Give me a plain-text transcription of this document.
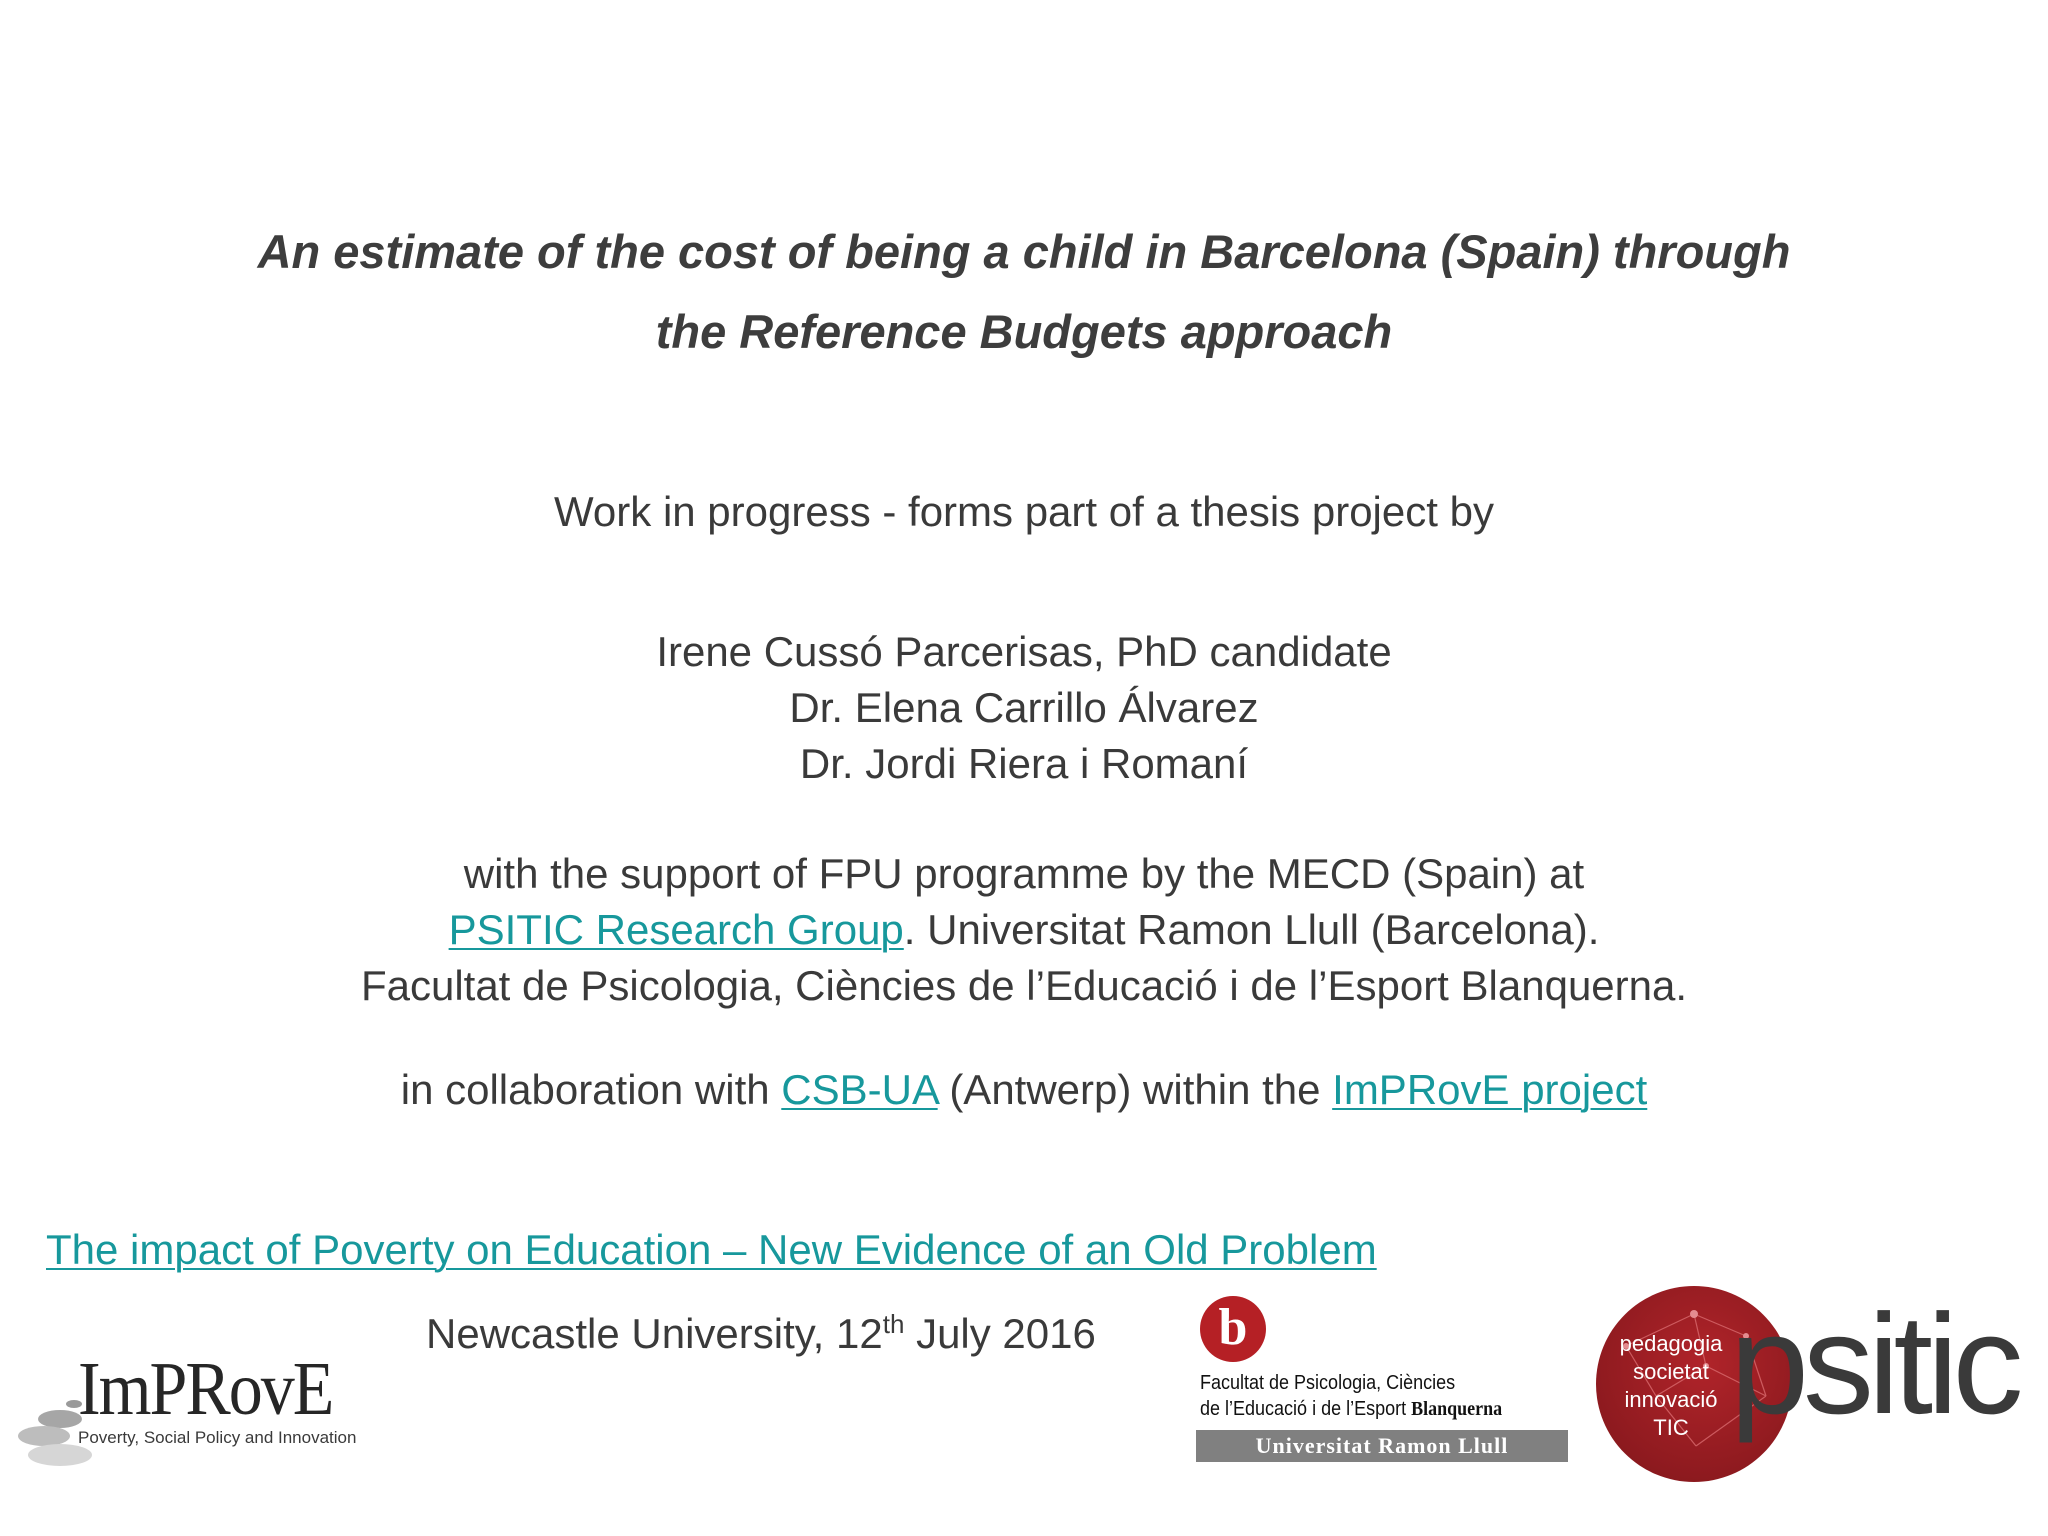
An estimate of the cost of being a child in Barcelona (Spain) through
the Reference Budgets approach
Work in progress - forms part of a thesis project by
Irene Cussó Parcerisas, PhD candidate
Dr. Elena Carrillo Álvarez
Dr. Jordi Riera i Romaní
with the support of FPU programme by the MECD (Spain) at
PSITIC Research Group. Universitat Ramon Llull (Barcelona).
Facultat de Psicologia, Ciències de l’Educació i de l’Esport Blanquerna.
in collaboration with CSB-UA (Antwerp) within the ImPRovE project
The impact of Poverty on Education – New Evidence of an Old Problem
Newcastle University, 12th July 2016
ImPRovE
Poverty, Social Policy and Innovation
b
Facultat de Psicologia, Ciències
de l’Educació i de l’Esport Blanquerna
Universitat Ramon Llull
pedagogia
societat
innovació
TIC psitic
